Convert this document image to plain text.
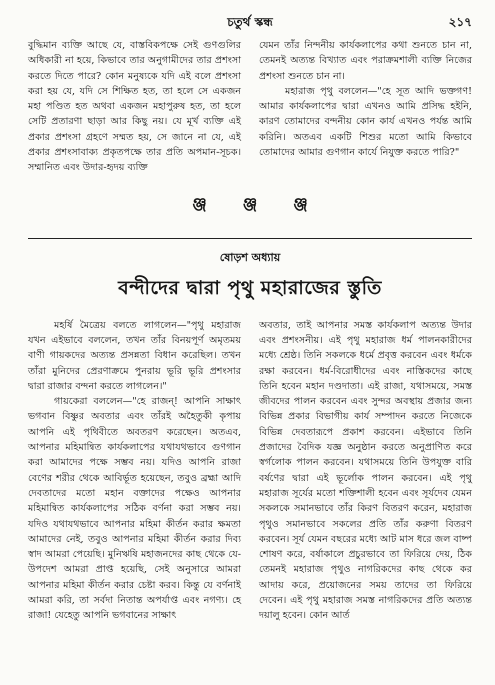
চতুর্থ স্কন্ধ	২১৭

বুদ্ধিমান ব্যক্তি আছে যে, বাস্তবিকপক্ষে সেই গুণগুলির অধিকারী না হয়ে, কিভাবে তার অনুগামীদের তার প্রশংসা করতে দিতে পারে? কোন মনুষ্যকে যদি এই বলে প্রশংসা করা হয় যে, যদি সে শিক্ষিত হত, তা হলে সে একজন মহা পণ্ডিত হত অথবা একজন মহাপুরুষ হত, তা হলে সেটি প্রতারণা ছাড়া আর কিছু নয়। যে মূর্খ ব্যক্তি এই প্রকার প্রশংসা গ্রহণে সম্মত হয়, সে জানে না যে, এই প্রকার প্রশংসাবাক্য প্রকৃতপক্ষে তার প্রতি অপমান-সূচক। সম্মানিত এবং উদার-হৃদয় ব্যক্তি

যেমন তাঁর নিন্দনীয় কার্যকলাপের কথা শুনতে চান না, তেমনই অত্যন্ত বিখ্যাত এবং পরাক্রমশালী ব্যক্তি নিজের প্রশংসা শুনতে চান না।

মহারাজ পৃথু বললেন—"হে সূত আদি ভক্তগণ! আমার কার্যকলাপের দ্বারা এখনও আমি প্রসিদ্ধ হইনি, কারণ তোমাদের বন্দনীয় কোন কার্য এখনও পর্যন্ত আমি করিনি। অতএব একটি শিশুর মতো আমি কিভাবে তোমাদের আমার গুণগান কার্যে নিযুক্ত করতে পারি?"

ঞ্জ ঞ্জ ঞ্জ
ষোড়শ অধ্যায়
বন্দীদের দ্বারা পৃথু মহারাজের স্তুতি

মহর্ষি মৈত্রেয় বলতে লাগলেন—"পৃথু মহারাজ যখন এইভাবে বললেন, তখন তাঁর বিনয়পূর্ণ অমৃতময় বাণী গায়কদের অত্যন্ত প্রসন্নতা বিধান করেছিল। তখন তাঁরা মুনিদের প্রেরণাক্রমে পুনরায় ভূরি ভূরি প্রশংসার দ্বারা রাজার বন্দনা করতে লাগলেন।"

গায়কেরা বললেন—"হে রাজন্! আপনি সাক্ষাৎ ভগবান বিষ্ণুর অবতার এবং তাঁরই অহৈতুকী কৃপায় আপনি এই পৃথিবীতে অবতরণ করেছেন। অতএব, আপনার মহিমান্বিত কার্যকলাপের যথাযথভাবে গুণগান করা আমাদের পক্ষে সম্ভব নয়। যদিও আপনি রাজা বেণের শরীর থেকে আবির্ভূত হয়েছেন, তবুও ব্রহ্মা আদি দেবতাদের মতো মহান বক্তাদের পক্ষেও আপনার মহিমান্বিত কার্যকলাপের সঠিক বর্ণনা করা সম্ভব নয়। যদিও যথাযথভাবে আপনার মহিমা কীর্তন করার ক্ষমতা আমাদের নেই, তবুও আপনার মহিমা কীর্তন করার দিব্য স্বাদ আমরা পেয়েছি। মুনিঋষি মহাজনদের কাছ থেকে যে-উপদেশ আমরা প্রাপ্ত হয়েছি, সেই অনুসারে আমরা আপনার মহিমা কীর্তন করার চেষ্টা করব। কিন্তু যে বর্ণনাই আমরা করি, তা সর্বদা নিতান্ত অপর্যাপ্ত এবং নগণ্য। হে রাজা! যেহেতু আপনি ভগবানের সাক্ষাৎ

অবতার, তাই আপনার সমস্ত কার্যকলাপ অত্যন্ত উদার এবং প্রশংসনীয়। এই পৃথু মহারাজ ধর্ম পালনকারীদের মধ্যে শ্রেষ্ঠ। তিনি সকলকে ধর্মে প্রবৃত্ত করবেন এবং ধর্মকে রক্ষা করবেন। ধর্ম-বিরোধীদের এবং নাস্তিকদের কাছে তিনি হবেন মহান দণ্ডদাতা। এই রাজা, যথাসময়ে, সমস্ত জীবদের পালন করবেন এবং সুন্দর অবস্থায় প্রজার জন্য বিভিন্ন প্রকার বিভাগীয় কার্য সম্পাদন করতে নিজেকে বিভিন্ন দেবতারূপে প্রকাশ করবেন। এইভাবে তিনি প্রজাদের বৈদিক যজ্ঞ অনুষ্ঠান করতে অনুপ্রাণিত করে স্বর্গলোক পালন করবেন। যথাসময়ে তিনি উপযুক্ত বারি বর্ষণের দ্বারা এই ভূর্লোক পালন করবেন। এই পৃথু মহারাজ সূর্যের মতো শক্তিশালী হবেন এবং সূর্যদেব যেমন সকলকে সমানভাবে তাঁর কিরণ বিতরণ করেন, মহারাজ পৃথুও সমানভাবে সকলের প্রতি তাঁর করুণা বিতরণ করবেন। সূর্য যেমন বছরের মধ্যে আট মাস ধরে জল বাষ্প শোষণ করে, বর্ষাকালে প্রচুরভাবে তা ফিরিয়ে দেয়, ঠিক তেমনই মহারাজ পৃথুও নাগরিকদের কাছ থেকে কর আদায় করে, প্রয়োজনের সময় তাদের তা ফিরিয়ে দেবেন। এই পৃথু মহারাজ সমস্ত নাগরিকদের প্রতি অত্যন্ত দয়ালু হবেন। কোন আর্ত
